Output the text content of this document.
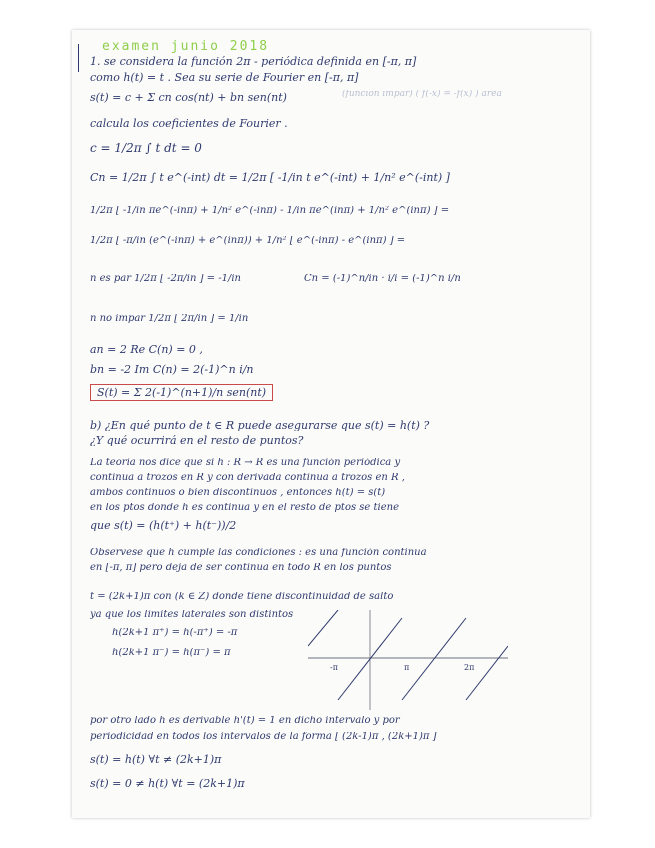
examen junio 2018
1. se considera la función 2π - periódica definida en [-π, π]
como h(t) = t . Sea su serie de Fourier en [-π, π]
s(t) = c + Σ cn cos(nt) + bn sen(nt)	(función impar) ( f(-x) = -f(x) ) área
calcula los coeficientes de Fourier .
c = 1/2π ∫ t dt = 0
Cn = 1/2π ∫ t e^(-int) dt = 1/2π [ -1/in t e^(-int) + 1/n² e^(-int) ]
1/2π [ -1/in πe^(-inπ) + 1/n² e^(-inπ) - 1/in πe^(inπ) + 1/n² e^(inπ) ] =
1/2π [ -π/in (e^(-inπ) + e^(inπ)) + 1/n² [ e^(-inπ) - e^(inπ) ] =
n es par 1/2π [ -2π/in ] = -1/in	Cn = (-1)^n/in · i/i = (-1)^n i/n
n no impar 1/2π [ 2π/in ] = 1/in
an = 2 Re C(n) = 0 ,
bn = -2 Im C(n) = 2(-1)^n i/n
S(t) = Σ 2(-1)^(n+1)/n sen(nt)
b) ¿En qué punto de t ∈ R puede asegurarse que s(t) = h(t) ?
¿Y qué ocurrirá en el resto de puntos?
La teoría nos dice que si h : R → R es una función periódica y
continua a trozos en R y con derivada continua a trozos en R ,
ambos continuos o bien discontinuos , entonces h(t) = s(t)
en los ptos donde h es continua y en el resto de ptos se tiene
que s(t) = (h(t⁺) + h(t⁻))/2
Observese que h cumple las condiciones : es una función continua
en [-π, π] pero deja de ser continua en todo R en los puntos
t = (2k+1)π con (k ∈ Z) donde tiene discontinuidad de salto
ya que los límites laterales son distintos
h(2k+1 π⁺) = h(-π⁺) = -π
h(2k+1 π⁻) = h(π⁻) = π
-π	π	2π
por otro lado h es derivable h'(t) = 1 en dicho intervalo y por
periodicidad en todos los intervalos de la forma [ (2k-1)π , (2k+1)π ]
s(t) = h(t) ∀t ≠ (2k+1)π
s(t) = 0 ≠ h(t) ∀t = (2k+1)π
